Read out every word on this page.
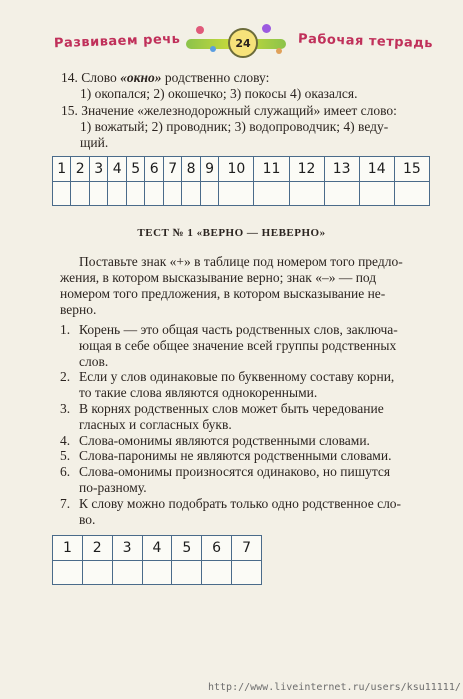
Развиваем речь	24	Рабочая тетрадь
14. Слово «окно» родственно слову:
1) окопался; 2) окошечко; 3) покосы 4) оказался.
15. Значение «железнодорожный служащий» имеет слово:
1) вожатый; 2) проводник; 3) водопроводчик; 4) веду-
щий.
1	2	3	4	5	6	7	8	9	10	11	12	13	14	15

ТЕСТ № 1 «ВЕРНО — НЕВЕРНО»
Поставьте знак «+» в таблице под номером того предло-
жения, в котором высказывание верно; знак «–» — под
номером того предложения, в котором высказывание не-
верно.
1. Корень — это общая часть родственных слов, заключа-
ющая в себе общее значение всей группы родственных
слов.
2. Если у слов одинаковые по буквенному составу корни,
то такие слова являются однокоренными.
3. В корнях родственных слов может быть чередование
гласных и согласных букв.
4. Слова-омонимы являются родственными словами.
5. Слова-паронимы не являются родственными словами.
6. Слова-омонимы произносятся одинаково, но пишутся
по-разному.
7. К слову можно подобрать только одно родственное сло-
во.
1	2	3	4	5	6	7

http://www.liveinternet.ru/users/ksu11111/
